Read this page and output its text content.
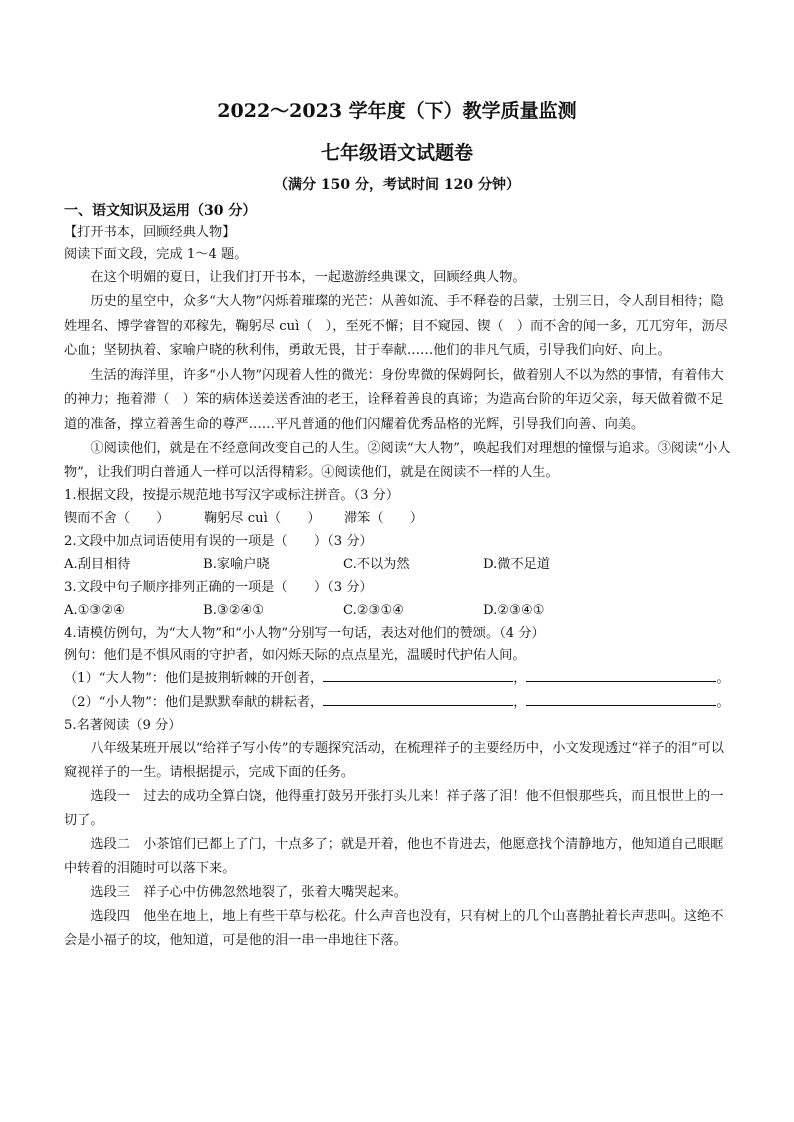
2022～2023 学年度（下）教学质量监测
七年级语文试题卷
（满分 150 分，考试时间 120 分钟）
一、语文知识及运用（30 分）
【打开书本，回顾经典人物】
阅读下面文段，完成 1～4 题。

在这个明媚的夏日，让我们打开书本，一起遨游经典课文，回顾经典人物。

历史的星空中，众多“大人物”闪烁着璀璨的光芒：从善如流、手不释卷的吕蒙，士别三日，令人刮目相待；隐姓埋名、博学睿智的邓稼先，鞠躬尽 cuì（　），至死不懈；目不窥园、锲（　）而不舍的闻一多，兀兀穷年，沥尽心血；坚韧执着、家喻户晓的秋利伟，勇敢无畏，甘于奉献……他们的非凡气质，引导我们向好、向上。

生活的海洋里，许多“小人物”闪现着人性的微光：身份卑微的保姆阿长，做着别人不以为然的事情，有着伟大的神力；拖着滞（　）笨的病体送姜送香油的老王，诠释着善良的真谛；为造高台阶的年迈父亲，每天做着微不足道的准备，撑立着善生命的尊严……平凡普通的他们闪耀着优秀品格的光辉，引导我们向善、向美。

①阅读他们，就是在不经意间改变自己的人生。②阅读“大人物”，唤起我们对理想的憧憬与追求。③阅读“小人物”，让我们明白普通人一样可以活得精彩。④阅读他们，就是在阅读不一样的人生。

1.根据文段，按提示规范地书写汉字或标注拼音。（3 分）
锲而不舍（　　）	鞠躬尽 cuì（　　） 滞笨（　　）
2.文段中加点词语使用有误的一项是（　　）（3 分）
A.刮目相待	B.家喻户晓	C.不以为然	D.微不足道
3.文段中句子顺序排列正确的一项是（　　）（3 分）
A.①③②④	B.③②④①	C.②③①④	D.②③④①
4.请模仿例句，为“大人物”和“小人物”分别写一句话，表达对他们的赞颂。（4 分）
例句：他们是不惧风雨的守护者，如闪烁天际的点点星光，温暖时代护佑人间。
（1）“大人物”：他们是披荆斩棘的开创者，	，	。
（2）“小人物”：他们是默默奉献的耕耘者，	，	。
5.名著阅读（9 分）

八年级某班开展以“给祥子写小传”的专题探究活动，在梳理祥子的主要经历中，小文发现透过“祥子的泪”可以窥视祥子的一生。请根据提示，完成下面的任务。

选段一　过去的成功全算白饶，他得重打鼓另开张打头儿来！祥子落了泪！他不但恨那些兵，而且恨世上的一切了。

选段二　小茶馆们已都上了门，十点多了；就是开着，他也不肯进去，他愿意找个清静地方，他知道自己眼眶中转着的泪随时可以落下来。

选段三　祥子心中仿佛忽然地裂了，张着大嘴哭起来。

选段四　他坐在地上，地上有些干草与松花。什么声音也没有，只有树上的几个山喜鹊扯着长声悲叫。这绝不会是小福子的坟，他知道，可是他的泪一串一串地往下落。
